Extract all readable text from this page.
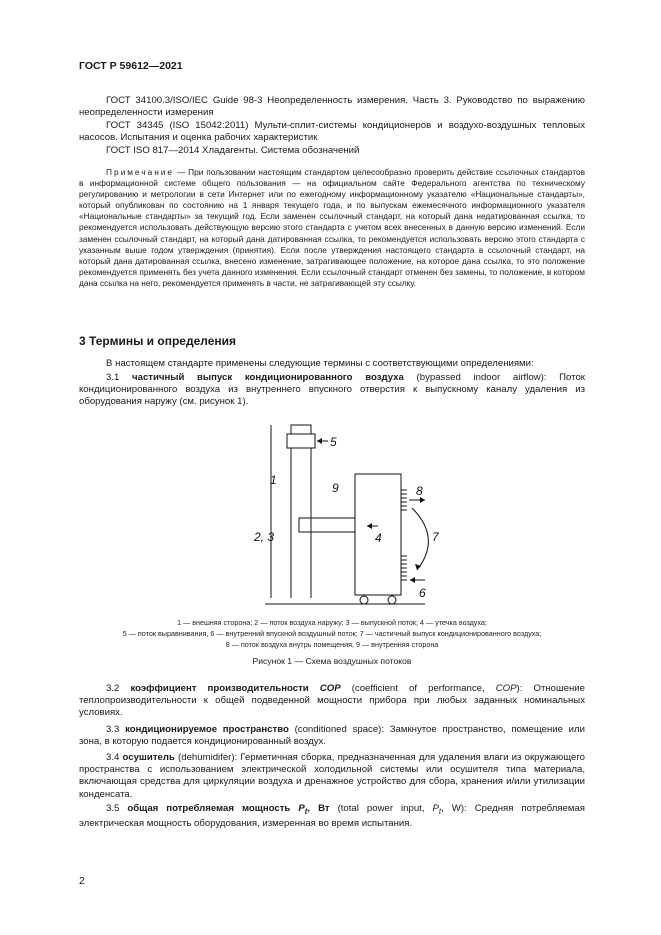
ГОСТ Р 59612—2021

ГОСТ 34100.3/ISO/IEC Guide 98-3 Неопределенность измерения. Часть 3. Руководство по выражению неопределенности измерения

ГОСТ 34345 (ISO 15042:2011) Мульти-сплит-системы кондиционеров и воздухо-воздушных тепловых насосов. Испытания и оценка рабочих характеристик

ГОСТ ISO 817—2014 Хладагенты. Система обозначений

Примечание — При пользовании настоящим стандартом целесообразно проверить действие ссылочных стандартов в информационной системе общего пользования — на официальном сайте Федерального агентства по техническому регулированию и метрологии в сети Интернет или по ежегодному информационному указателю «Национальные стандарты», который опубликован по состоянию на 1 января текущего года, и по выпускам ежемесячного информационного указателя «Национальные стандарты» за текущий год. Если заменен ссылочный стандарт, на который дана недатированная ссылка, то рекомендуется использовать действующую версию этого стандарта с учетом всех внесенных в данную версию изменений. Если заменен ссылочный стандарт, на который дана датированная ссылка, то рекомендуется использовать версию этого стандарта с указанным выше годом утверждения (принятия). Если после утверждения настоящего стандарта в ссылочный стандарт, на который дана датированная ссылка, внесено изменение, затрагивающее положение, на которое дана ссылка, то это положение рекомендуется применять без учета данного изменения. Если ссылочный стандарт отменен без замены, то положение, в котором дана ссылка на него, рекомендуется применять в части, не затрагивающей эту ссылку.

3 Термины и определения

В настоящем стандарте применены следующие термины с соответствующими определениями:

3.1 частичный выпуск кондиционированного воздуха (bypassed indoor airflow): Поток кондиционированного воздуха из внутреннего впускного отверстия к выпускному каналу удаления из оборудования наружу (см. рисунок 1).

1
9
2, 3	4
5
8
7
6
1 — внешняя сторона; 2 — поток воздуха наружу; 3 — выпускной поток; 4 — утечка воздуха;
5 — поток выравнивания, 6 — внутренний впускной воздушный поток; 7 — частичный выпуск кондиционированного воздуха;
8 — поток воздуха внутрь помещения, 9 — внутренняя сторона
Рисунок 1 — Схема воздушных потоков

3.2 коэффициент производительности COP (coefficient of performance, COP): Отношение теплопроизводительности к общей подведенной мощности прибора при любых заданных номинальных условиях.

3.3 кондиционируемое пространство (conditioned space): Замкнутое пространство, помещение или зона, в которую подается кондиционированный воздух.

3.4 осушитель (dehumidifer): Герметичная сборка, предназначенная для удаления влаги из окружающего пространства с использованием электрической холодильной системы или осушителя типа материала, включающая средства для циркуляции воздуха и дренажное устройство для сбора, хранения и/или утилизации конденсата.

3.5 общая потребляемая мощность $P_t$, Вт (total power input, $P_t$, W): Средняя потребляемая электрическая мощность оборудования, измеренная во время испытания.

2
